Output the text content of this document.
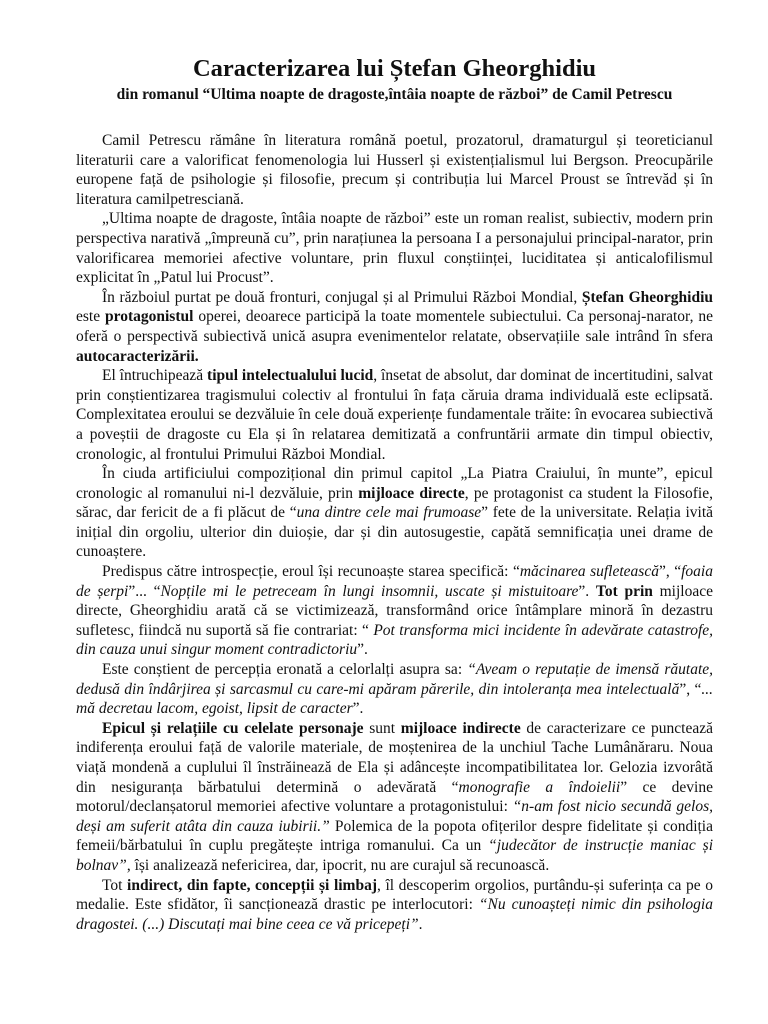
Caracterizarea lui Ștefan Gheorghidiu
din romanul “Ultima noapte de dragoste,întâia noapte de război” de Camil Petrescu

Camil Petrescu rămâne în literatura română poetul, prozatorul, dramaturgul și teoreticianul literaturii care a valorificat fenomenologia lui Husserl și existențialismul lui Bergson. Preocupările europene față de psihologie și filosofie, precum și contribuția lui Marcel Proust se întrevăd și în literatura camilpetresciană.

„Ultima noapte de dragoste, întâia noapte de război” este un roman realist, subiectiv, modern prin perspectiva narativă „împreună cu”, prin narațiunea la persoana I a personajului principal-narator, prin valorificarea memoriei afective voluntare, prin fluxul conștiinței, luciditatea și anticalofilismul explicitat în „Patul lui Procust”.

În războiul purtat pe două fronturi, conjugal și al Primului Război Mondial, Ștefan Gheorghidiu este protagonistul operei, deoarece participă la toate momentele subiectului. Ca personaj-narator, ne oferă o perspectivă subiectivă unică asupra evenimentelor relatate, observațiile sale intrând în sfera autocaracterizării.

El întruchipează tipul intelectualului lucid, însetat de absolut, dar dominat de incertitudini, salvat prin conștientizarea tragismului colectiv al frontului în fața căruia drama individuală este eclipsată. Complexitatea eroului se dezvăluie în cele două experiențe fundamentale trăite: în evocarea subiectivă a poveștii de dragoste cu Ela și în relatarea demitizată a confruntării armate din timpul obiectiv, cronologic, al frontului Primului Război Mondial.

În ciuda artificiului compozițional din primul capitol „La Piatra Craiului, în munte”, epicul cronologic al romanului ni-l dezvăluie, prin mijloace directe, pe protagonist ca student la Filosofie, sărac, dar fericit de a fi plăcut de “una dintre cele mai frumoase” fete de la universitate. Relația ivită inițial din orgoliu, ulterior din duioșie, dar și din autosugestie, capătă semnificația unei drame de cunoaștere.

Predispus către introspecție, eroul își recunoaște starea specifică: “măcinarea sufletească”, “foaia de șerpi”... “Nopțile mi le petreceam în lungi insomnii, uscate și mistuitoare”. Tot prin mijloace directe, Gheorghidiu arată că se victimizează, transformând orice întâmplare minoră în dezastru sufletesc, fiindcă nu suportă să fie contrariat: “ Pot transforma mici incidente în adevărate catastrofe, din cauza unui singur moment contradictoriu”.

Este conștient de percepția eronată a celorlalți asupra sa: “Aveam o reputație de imensă răutate, dedusă din îndârjirea și sarcasmul cu care-mi apăram părerile, din intoleranța mea intelectuală”, “... mă decretau lacom, egoist, lipsit de caracter”.

Epicul și relațiile cu celelate personaje sunt mijloace indirecte de caracterizare ce punctează indiferența eroului față de valorile materiale, de moștenirea de la unchiul Tache Lumânăraru. Noua viață mondenă a cuplului îl înstrăinează de Ela și adâncește incompatibilitatea lor. Gelozia izvorâtă din nesiguranța bărbatului determină o adevărată “monografie a îndoielii” ce devine motorul/declanșatorul memoriei afective voluntare a protagonistului: “n-am fost nicio secundă gelos, deși am suferit atâta din cauza iubirii.” Polemica de la popota ofițerilor despre fidelitate și condiția femeii/bărbatului în cuplu pregătește intriga romanului. Ca un “judecător de instrucție maniac și bolnav”, își analizează nefericirea, dar, ipocrit, nu are curajul să recunoască.

Tot indirect, din fapte, concepții și limbaj, îl descoperim orgolios, purtându-și suferința ca pe o medalie. Este sfidător, îi sancționează drastic pe interlocutori: “Nu cunoașteți nimic din psihologia dragostei. (...) Discutați mai bine ceea ce vă pricepeți”.
